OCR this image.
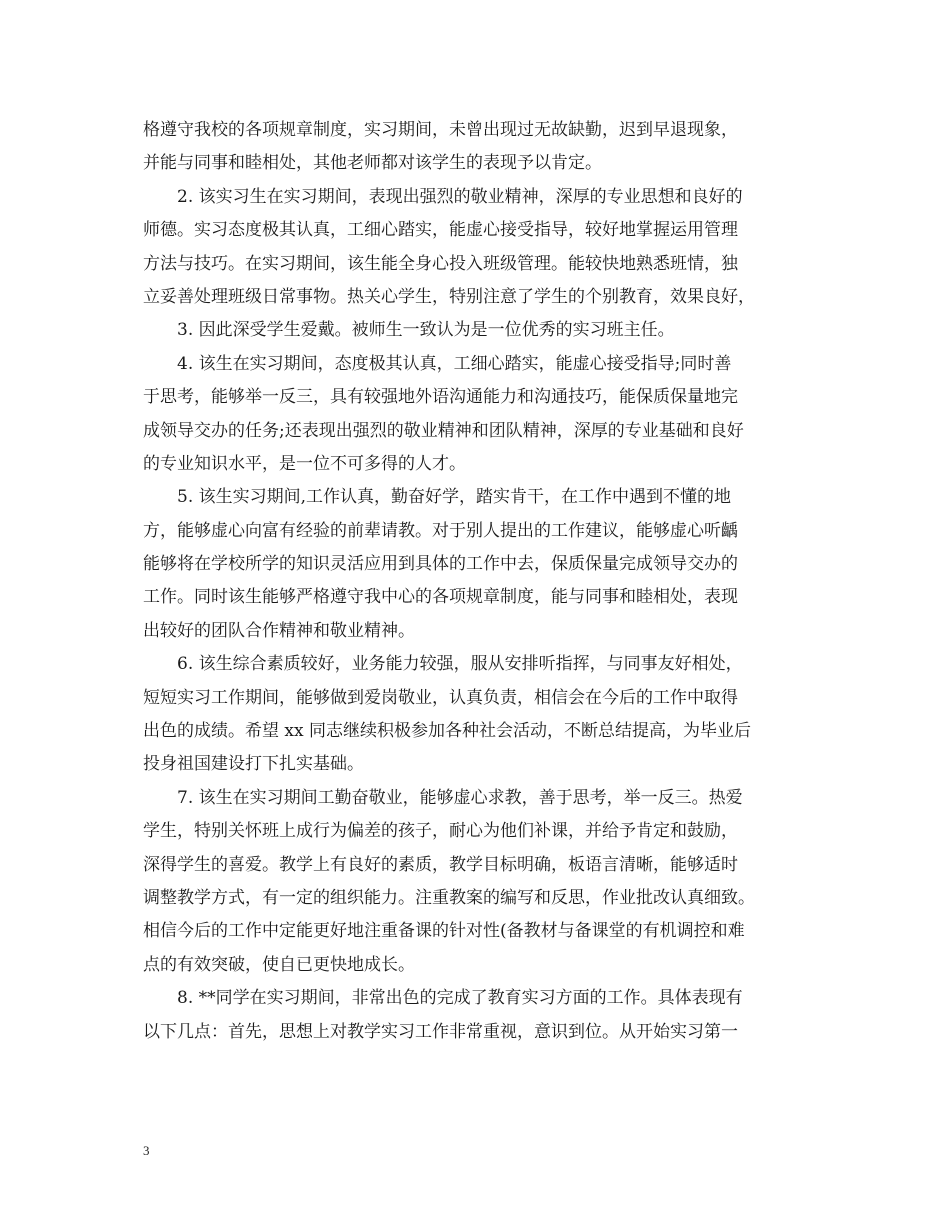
格遵守我校的各项规章制度，实习期间，未曾出现过无故缺勤，迟到早退现象，
并能与同事和睦相处，其他老师都对该学生的表现予以肯定。
2. 该实习生在实习期间，表现出强烈的敬业精神，深厚的专业思想和良好的
师德。实习态度极其认真，工细心踏实，能虚心接受指导，较好地掌握运用管理
方法与技巧。在实习期间，该生能全身心投入班级管理。能较快地熟悉班情，独
立妥善处理班级日常事物。热关心学生，特别注意了学生的个别教育，效果良好，
3. 因此深受学生爱戴。被师生一致认为是一位优秀的实习班主任。
4. 该生在实习期间，态度极其认真，工细心踏实，能虚心接受指导;同时善
于思考，能够举一反三，具有较强地外语沟通能力和沟通技巧，能保质保量地完
成领导交办的任务;还表现出强烈的敬业精神和团队精神，深厚的专业基础和良好
的专业知识水平，是一位不可多得的人才。
5. 该生实习期间,工作认真，勤奋好学，踏实肯干，在工作中遇到不懂的地
方，能够虚心向富有经验的前辈请教。对于别人提出的工作建议，能够虚心听齲
能够将在学校所学的知识灵活应用到具体的工作中去，保质保量完成领导交办的
工作。同时该生能够严格遵守我中心的各项规章制度，能与同事和睦相处，表现
出较好的团队合作精神和敬业精神。
6. 该生综合素质较好，业务能力较强，服从安排听指挥，与同事友好相处，
短短实习工作期间，能够做到爱岗敬业，认真负责，相信会在今后的工作中取得
出色的成绩。希望 xx 同志继续积极参加各种社会活动，不断总结提高，为毕业后
投身祖国建设打下扎实基础。
7. 该生在实习期间工勤奋敬业，能够虚心求教，善于思考，举一反三。热爱
学生，特别关怀班上成行为偏差的孩子，耐心为他们补课，并给予肯定和鼓励，
深得学生的喜爱。教学上有良好的素质，教学目标明确，板语言清晰，能够适时
调整教学方式，有一定的组织能力。注重教案的编写和反思，作业批改认真细致。
相信今后的工作中定能更好地注重备课的针对性(备教材与备课堂的有机调控和难
点的有效突破，使自已更快地成长。
8. **同学在实习期间，非常出色的完成了教育实习方面的工作。具体表现有
以下几点：首先，思想上对教学实习工作非常重视，意识到位。从开始实习第一
3
